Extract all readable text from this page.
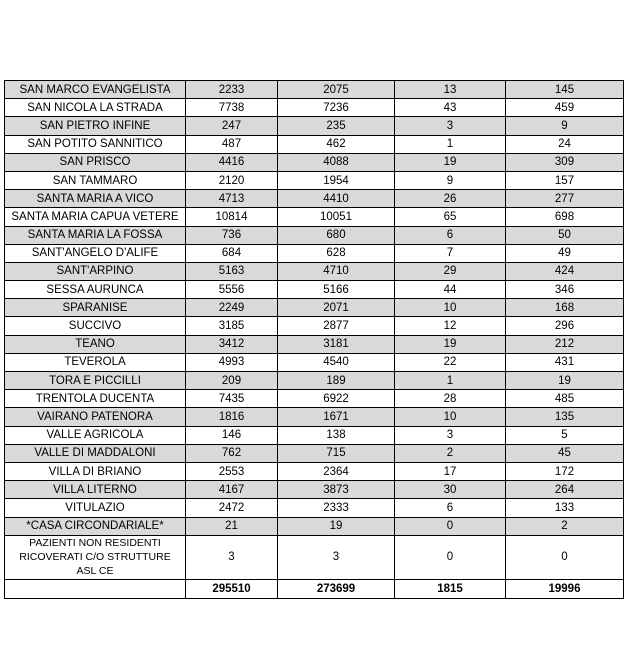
SAN MARCO EVANGELISTA	2233	2075	13	145
SAN NICOLA LA STRADA	7738	7236	43	459
SAN PIETRO INFINE	247	235	3	9
SAN POTITO SANNITICO	487	462	1	24
SAN PRISCO	4416	4088	19	309
SAN TAMMARO	2120	1954	9	157
SANTA MARIA A VICO	4713	4410	26	277
SANTA MARIA CAPUA VETERE	10814	10051	65	698
SANTA MARIA LA FOSSA	736	680	6	50
SANT'ANGELO D'ALIFE	684	628	7	49
SANT'ARPINO	5163	4710	29	424
SESSA AURUNCA	5556	5166	44	346
SPARANISE	2249	2071	10	168
SUCCIVO	3185	2877	12	296
TEANO	3412	3181	19	212
TEVEROLA	4993	4540	22	431
TORA E PICCILLI	209	189	1	19
TRENTOLA DUCENTA	7435	6922	28	485
VAIRANO PATENORA	1816	1671	10	135
VALLE AGRICOLA	146	138	3	5
VALLE DI MADDALONI	762	715	2	45
VILLA DI BRIANO	2553	2364	17	172
VILLA LITERNO	4167	3873	30	264
VITULAZIO	2472	2333	6	133
*CASA CIRCONDARIALE*	21	19	0	2
PAZIENTI NON RESIDENTI RICOVERATI C/O STRUTTURE ASL CE	3	3	0	0
	295510	273699	1815	19996
